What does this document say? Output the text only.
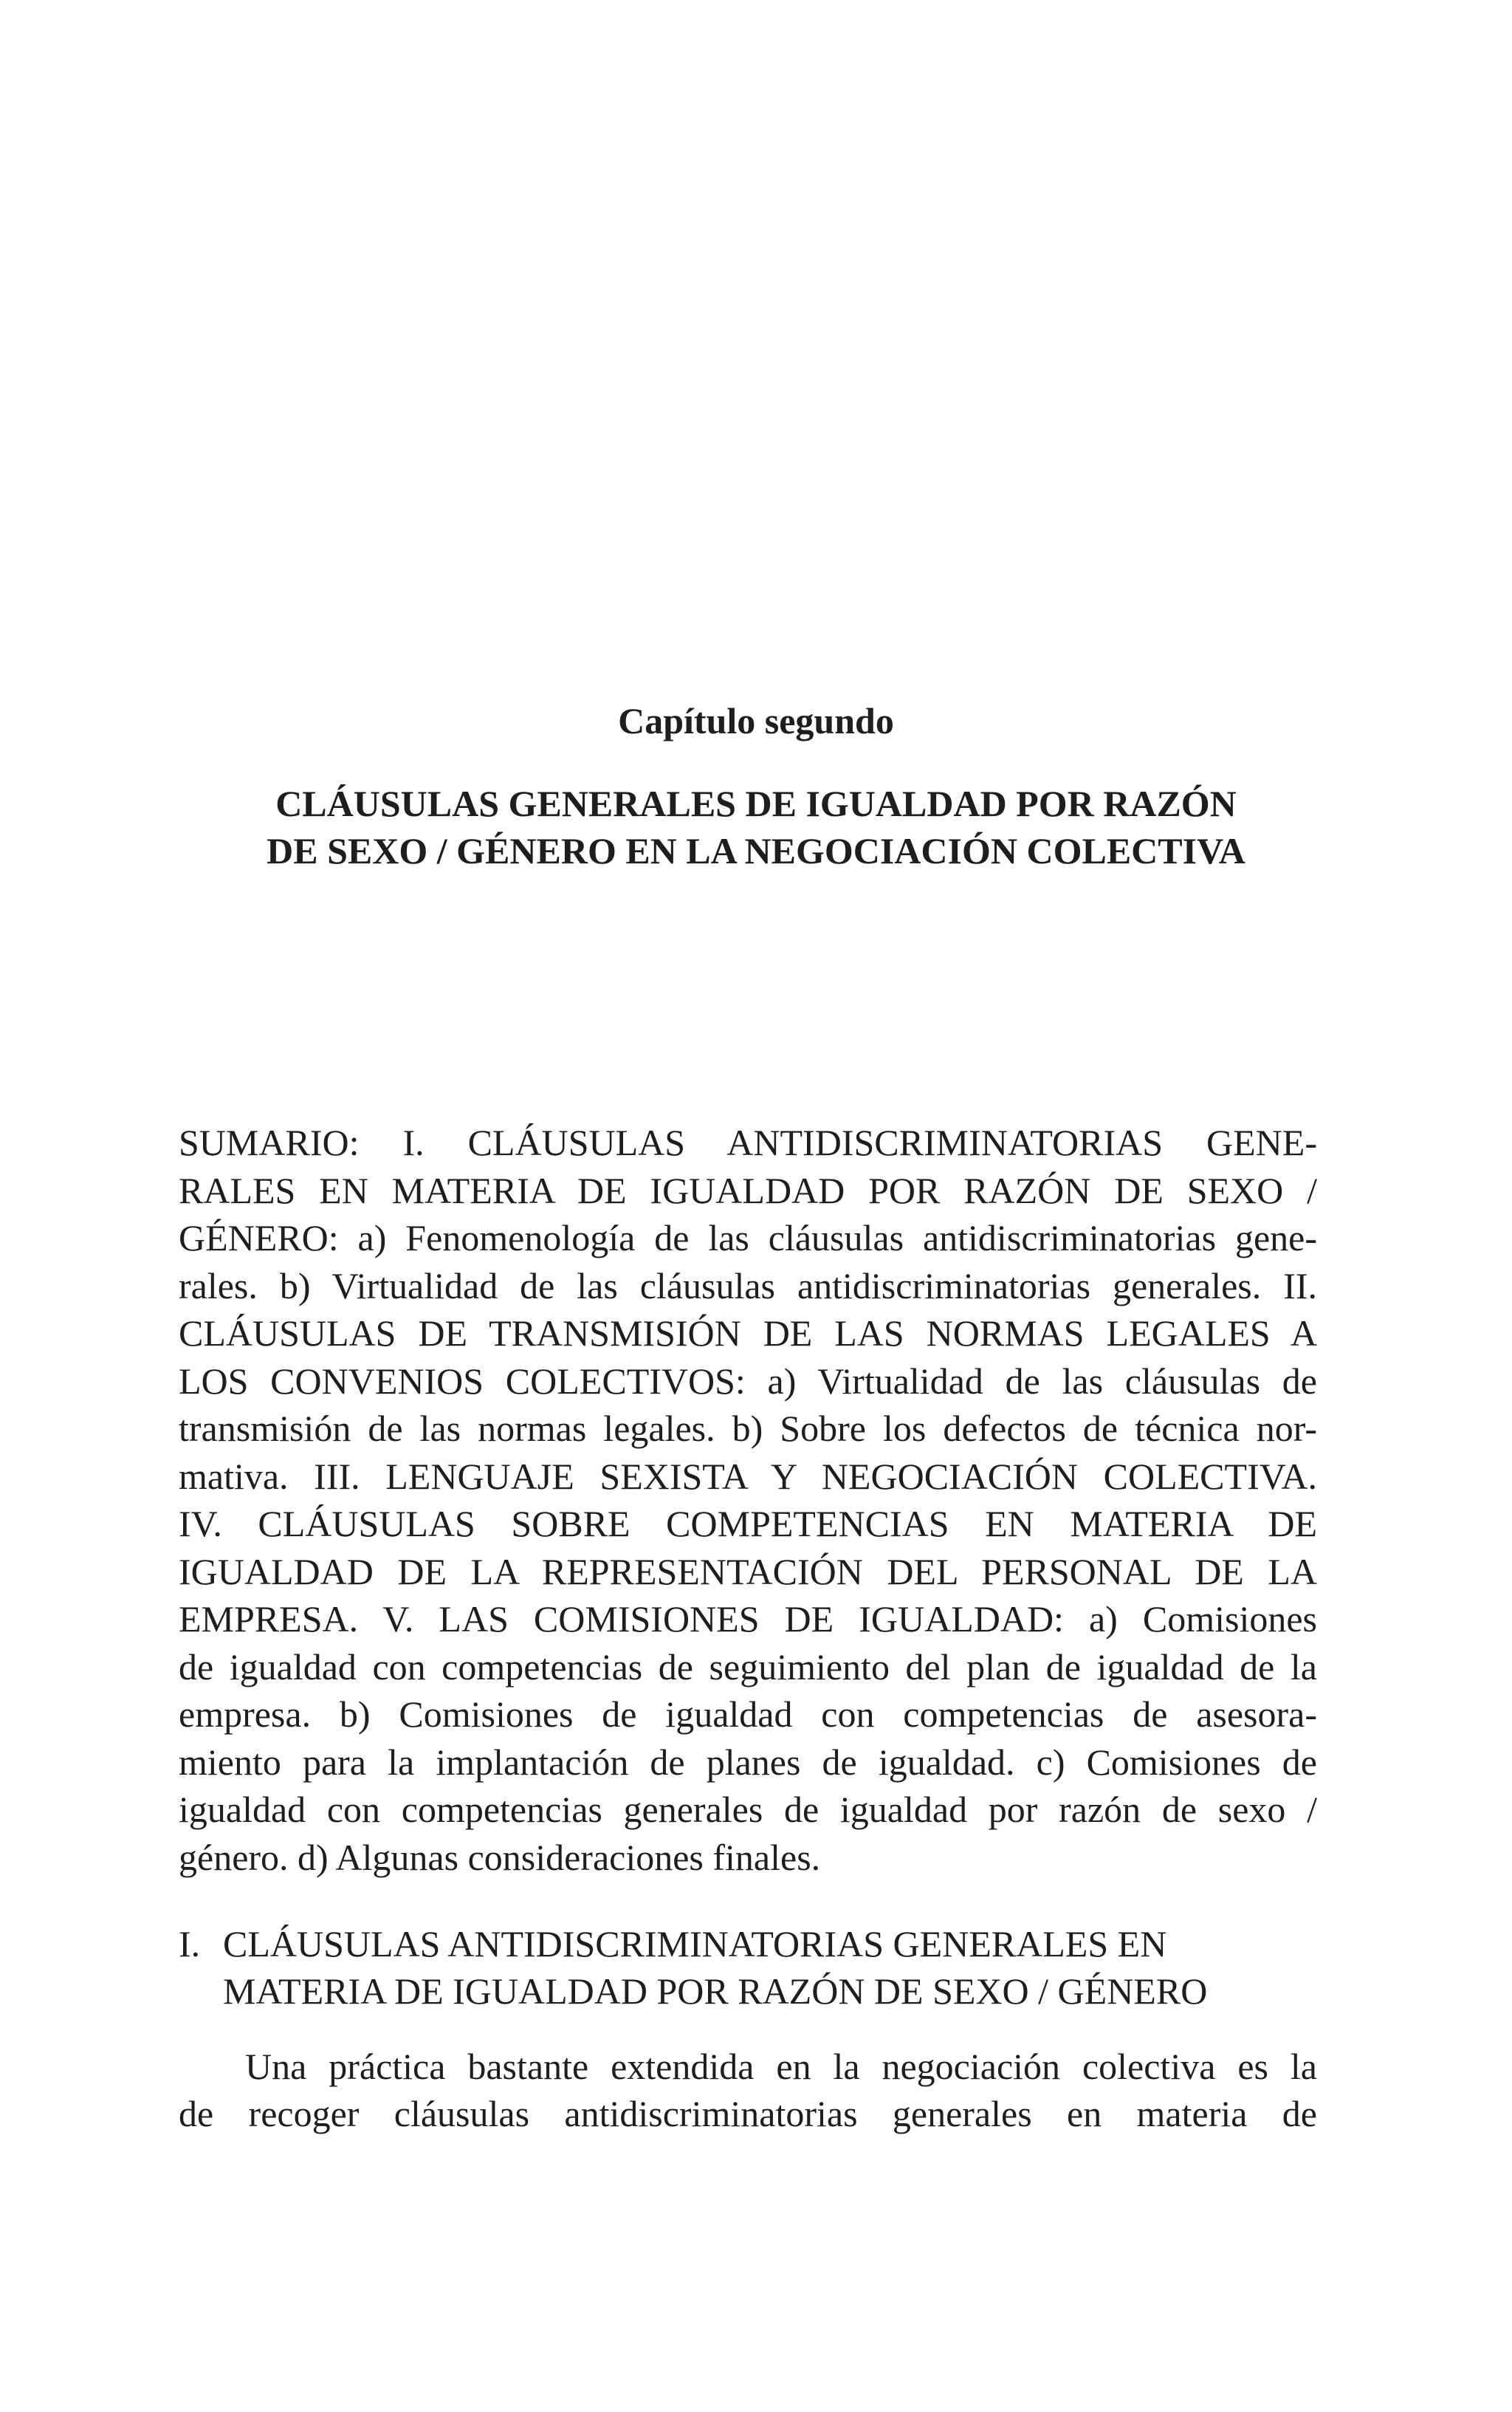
Capítulo segundo
CLÁUSULAS GENERALES DE IGUALDAD POR RAZÓN
DE SEXO / GÉNERO EN LA NEGOCIACIÓN COLECTIVA
SUMARIO: I. CLÁUSULAS ANTIDISCRIMINATORIAS GENE-
RALES EN MATERIA DE IGUALDAD POR RAZÓN DE SEXO /
GÉNERO: a) Fenomenología de las cláusulas antidiscriminatorias gene-
rales. b) Virtualidad de las cláusulas antidiscriminatorias generales. II.
CLÁUSULAS DE TRANSMISIÓN DE LAS NORMAS LEGALES A
LOS CONVENIOS COLECTIVOS: a) Virtualidad de las cláusulas de
transmisión de las normas legales. b) Sobre los defectos de técnica nor-
mativa. III. LENGUAJE SEXISTA Y NEGOCIACIÓN COLECTIVA.
IV. CLÁUSULAS SOBRE COMPETENCIAS EN MATERIA DE
IGUALDAD DE LA REPRESENTACIÓN DEL PERSONAL DE LA
EMPRESA. V. LAS COMISIONES DE IGUALDAD: a) Comisiones
de igualdad con competencias de seguimiento del plan de igualdad de la
empresa. b) Comisiones de igualdad con competencias de asesora-
miento para la implantación de planes de igualdad. c) Comisiones de
igualdad con competencias generales de igualdad por razón de sexo /
género. d) Algunas consideraciones finales.
I. CLÁUSULAS ANTIDISCRIMINATORIAS GENERALES EN
MATERIA DE IGUALDAD POR RAZÓN DE SEXO / GÉNERO
Una práctica bastante extendida en la negociación colectiva es la
de recoger cláusulas antidiscriminatorias generales en materia de
